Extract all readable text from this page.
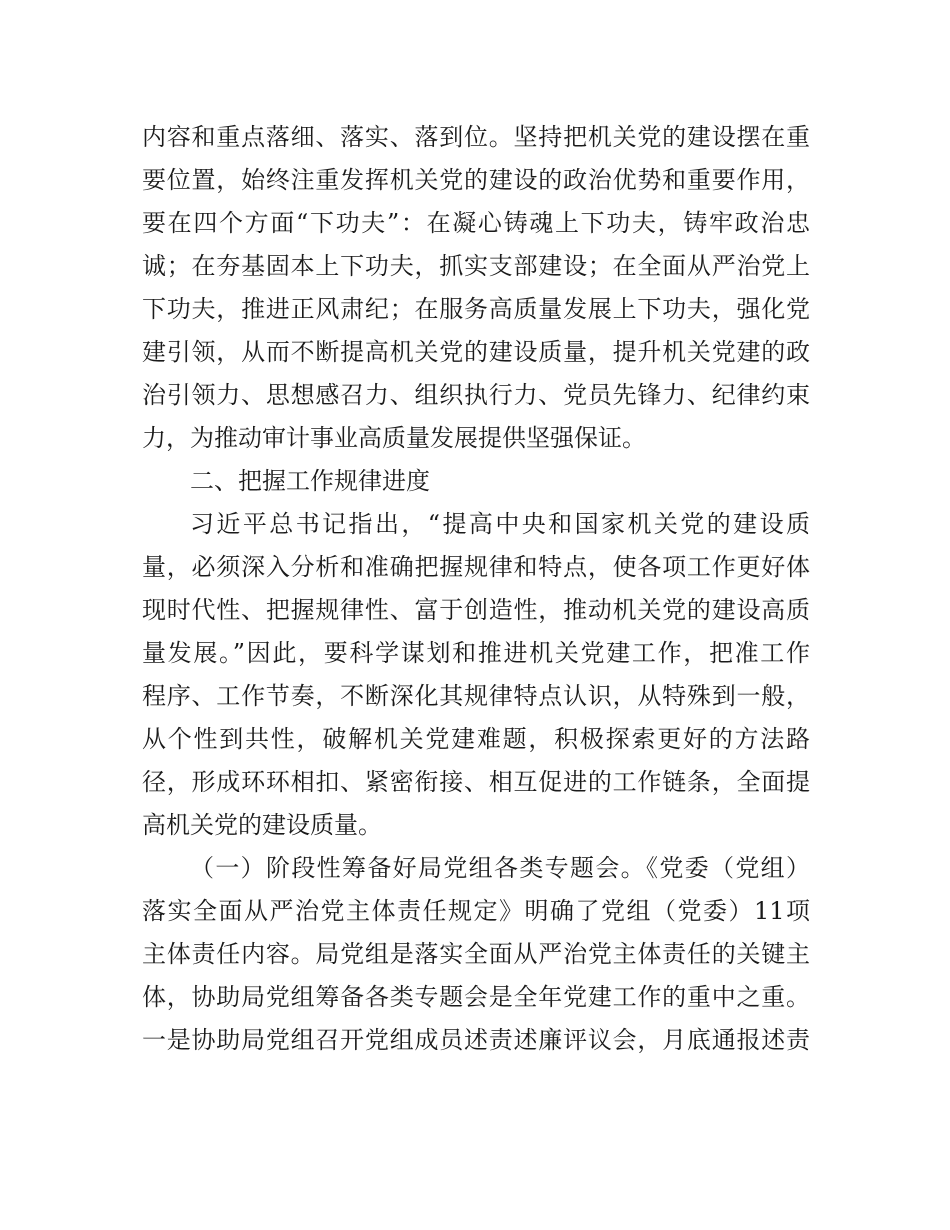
内容和重点落细、落实、落到位。坚持把机关党的建设摆在重
要位置，始终注重发挥机关党的建设的政治优势和重要作用，
要在四个方面“下功夫”：在凝心铸魂上下功夫，铸牢政治忠
诚；在夯基固本上下功夫，抓实支部建设；在全面从严治党上
下功夫，推进正风肃纪；在服务高质量发展上下功夫，强化党
建引领，从而不断提高机关党的建设质量，提升机关党建的政
治引领力、思想感召力、组织执行力、党员先锋力、纪律约束
力，为推动审计事业高质量发展提供坚强保证。
二、把握工作规律进度
习近平总书记指出，“提高中央和国家机关党的建设质
量，必须深入分析和准确把握规律和特点，使各项工作更好体
现时代性、把握规律性、富于创造性，推动机关党的建设高质
量发展。”因此，要科学谋划和推进机关党建工作，把准工作
程序、工作节奏，不断深化其规律特点认识，从特殊到一般，
从个性到共性，破解机关党建难题，积极探索更好的方法路
径，形成环环相扣、紧密衔接、相互促进的工作链条，全面提
高机关党的建设质量。
（一）阶段性筹备好局党组各类专题会。《党委（党组）
落实全面从严治党主体责任规定》明确了党组（党委）11项
主体责任内容。局党组是落实全面从严治党主体责任的关键主
体，协助局党组筹备各类专题会是全年党建工作的重中之重。
一是协助局党组召开党组成员述责述廉评议会，月底通报述责
